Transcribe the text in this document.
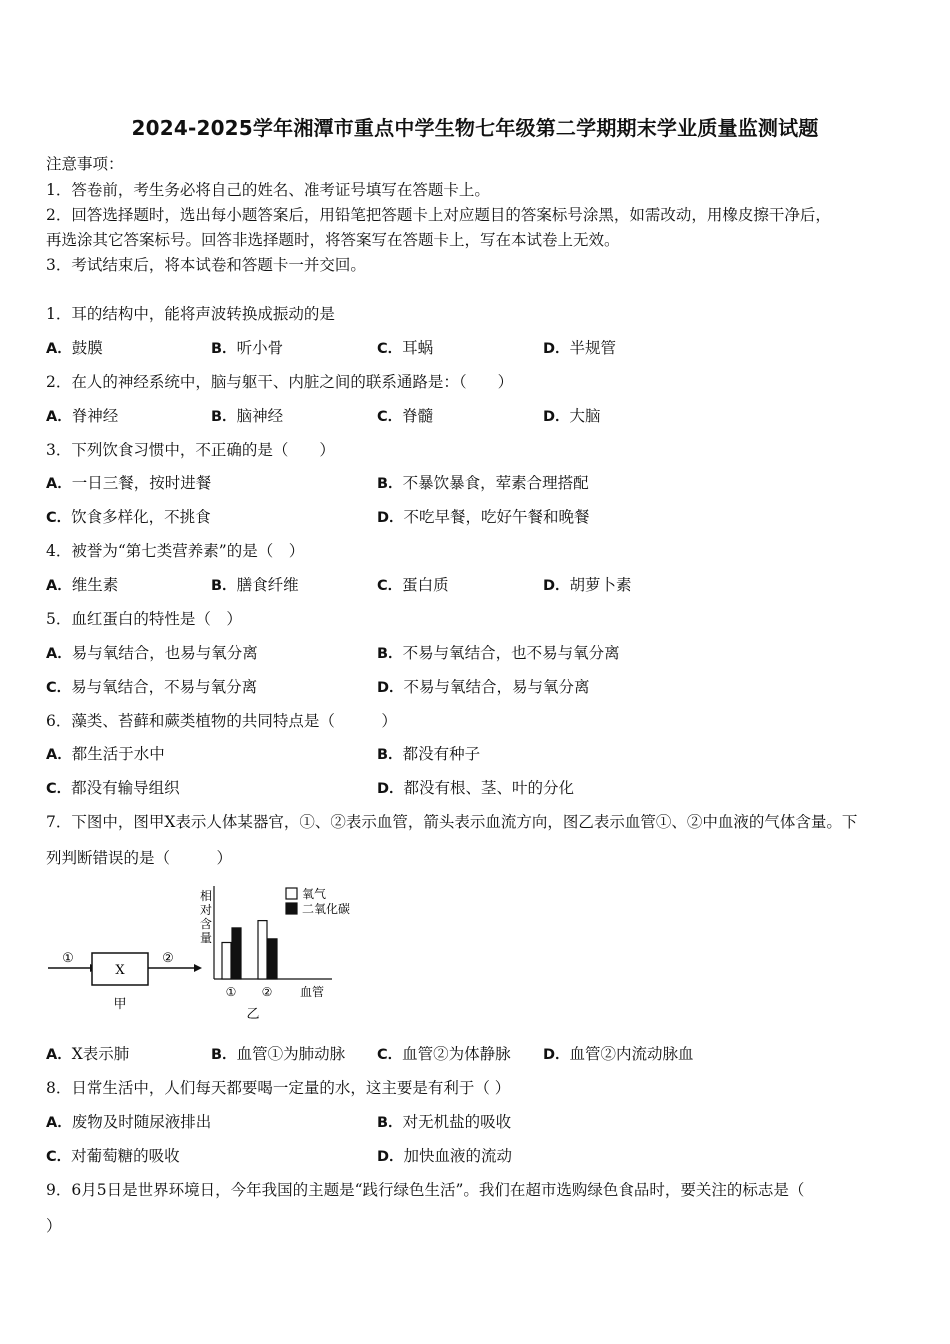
2024-2025学年湘潭市重点中学生物七年级第二学期期末学业质量监测试题
注意事项：
1．答卷前，考生务必将自己的姓名、准考证号填写在答题卡上。
2．回答选择题时，选出每小题答案后，用铅笔把答题卡上对应题目的答案标号涂黑，如需改动，用橡皮擦干净后，
再选涂其它答案标号。回答非选择题时，将答案写在答题卡上，写在本试卷上无效。
3．考试结束后，将本试卷和答题卡一并交回。
1．耳的结构中，能将声波转换成振动的是
A．鼓膜	B．听小骨	C．耳蜗	D．半规管
2．在人的神经系统中，脑与躯干、内脏之间的联系通路是：（　　）
A．脊神经	B．脑神经	C．脊髓	D．大脑
3．下列饮食习惯中，不正确的是（　　）
A．一日三餐，按时进餐	B．不暴饮暴食，荤素合理搭配
C．饮食多样化，不挑食	D．不吃早餐，吃好午餐和晚餐
4．被誉为“第七类营养素”的是（　）
A．维生素	B．膳食纤维	C．蛋白质	D．胡萝卜素
5．血红蛋白的特性是（　）
A．易与氧结合，也易与氧分离	B．不易与氧结合，也不易与氧分离
C．易与氧结合，不易与氧分离	D．不易与氧结合，易与氧分离
6．藻类、苔藓和蕨类植物的共同特点是（　　　）
A．都生活于水中	B．都没有种子
C．都没有输导组织	D．都没有根、茎、叶的分化
7．下图中，图甲Ⅹ表示人体某器官，①、②表示血管，箭头表示血流方向，图乙表示血管①、②中血液的气体含量。下
列判断错误的是（　　　）
①
X
②
甲
相
对
含
量
氧气
二氧化碳
① ② 血管
乙
A．Ⅹ表示肺	B．血管①为肺动脉 C．血管②为体静脉 D．血管②内流动脉血
8．日常生活中，人们每天都要喝一定量的水，这主要是有利于（ ）
A．废物及时随尿液排出	B．对无机盐的吸收
C．对葡萄糖的吸收	D．加快血液的流动
9．6月5日是世界环境日，今年我国的主题是“践行绿色生活”。我们在超市选购绿色食品时，要关注的标志是（
）
